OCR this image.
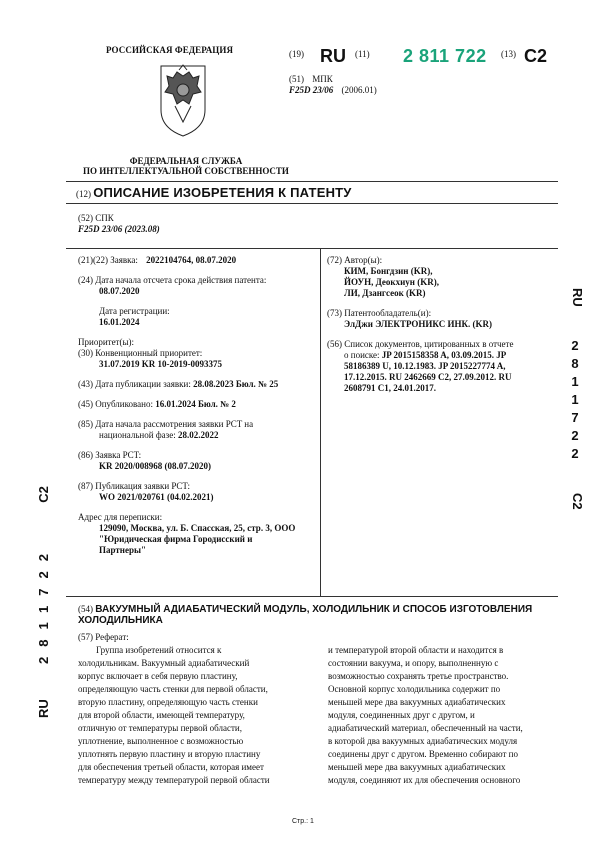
РОССИЙСКАЯ ФЕДЕРАЦИЯ
ФЕДЕРАЛЬНАЯ СЛУЖБА
ПО ИНТЕЛЛЕКТУАЛЬНОЙ СОБСТВЕННОСТИ
(19) RU (11) 2 811 722 (13) C2
(51) МПК
F25D 23/06 (2006.01)
(12) ОПИСАНИЕ ИЗОБРЕТЕНИЯ К ПАТЕНТУ
(52) СПК
F25D 23/06 (2023.08)
(21)(22) Заявка: 2022104764, 08.07.2020
(24) Дата начала отсчета срока действия патента:
08.07.2020
Дата регистрации:
16.01.2024
Приоритет(ы):
(30) Конвенционный приоритет:
31.07.2019 KR 10-2019-0093375
(43) Дата публикации заявки: 28.08.2023 Бюл. № 25
(45) Опубликовано: 16.01.2024 Бюл. № 2
(85) Дата начала рассмотрения заявки PCT на
национальной фазе: 28.02.2022
(86) Заявка PCT:
KR 2020/008968 (08.07.2020)
(87) Публикация заявки PCT:
WO 2021/020761 (04.02.2021)
Адрес для переписки:
129090, Москва, ул. Б. Спасская, 25, стр. 3, ООО
"Юридическая фирма Городисский и
Партнеры"
(72) Автор(ы):
КИМ, Бонгдзин (KR),
ЙОУН, Деокхиун (KR),
ЛИ, Дзангсеок (KR)
(73) Патентообладатель(и):
ЭлДжи ЭЛЕКТРОНИКС ИНК. (KR)
(56) Список документов, цитированных в отчете
о поиске: JP 2015158358 A, 03.09.2015. JP
58186389 U, 10.12.1983. JP 2015227774 A,
17.12.2015. RU 2462669 C2, 27.09.2012. RU
2608791 C1, 24.01.2017.
(54) ВАКУУМНЫЙ АДИАБАТИЧЕСКИЙ МОДУЛЬ, ХОЛОДИЛЬНИК И СПОСОБ ИЗГОТОВЛЕНИЯ
ХОЛОДИЛЬНИКА
(57) Реферат:
Группа изобретений относится к
холодильникам. Вакуумный адиабатический
корпус включает в себя первую пластину,
определяющую часть стенки для первой области,
вторую пластину, определяющую часть стенки
для второй области, имеющей температуру,
отличную от температуры первой области,
уплотнение, выполненное с возможностью
уплотнять первую пластину и вторую пластину
для обеспечения третьей области, которая имеет
температуру между температурой первой области
и температурой второй области и находится в
состоянии вакуума, и опору, выполненную с
возможностью сохранять третье пространство.
Основной корпус холодильника содержит по
меньшей мере два вакуумных адиабатических
модуля, соединенных друг с другом, и
адиабатический материал, обеспеченный на части,
в которой два вакуумных адиабатических модуля
соединены друг с другом. Временно собирают по
меньшей мере два вакуумных адиабатических
модуля, соединяют их для обеспечения основного
RU
2
8
1
1
7
2
2
C2
RU  2811722  C2
Стр.: 1
